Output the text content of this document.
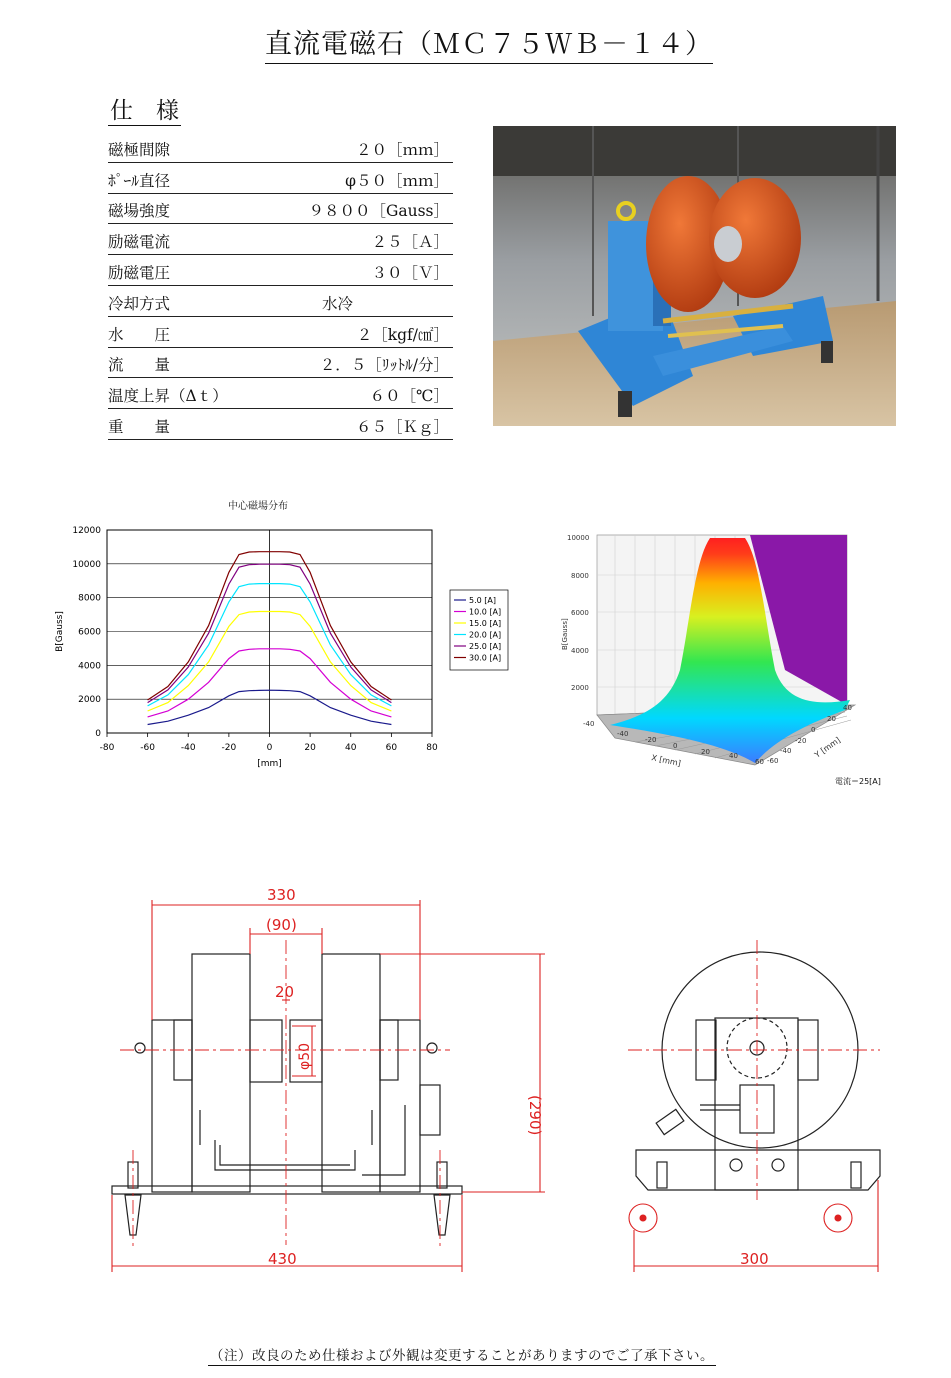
直流電磁石（ＭＣ７５ＷＢ－１４）
仕　様
磁極間隙	２０［ｍｍ］
ﾎﾟｰﾙ直径	φ５０［ｍｍ］
磁場強度	９８００［Gauss］
励磁電流	２５［Ａ］
励磁電圧	３０［Ｖ］
冷却方式	水冷
水　　圧	２［kgf/㎠］
流　　量	２．５［ﾘｯﾄﾙ/分］
温度上昇（Δｔ）	６０［℃］
重　　量	６５［Ｋｇ］
中心磁場分布
0
2000
4000
6000
8000
10000
12000
-80	-60	-40	-20	0	20	40	60	80
[mm]
B[Gauss]
5.0 [A]
10.0 [A]
15.0 [A]
20.0 [A]
25.0 [A]
30.0 [A]
10000
8000
6000
4000
2000
-40
B[Gauss]
-40
-20
0
20	40
60
X [mm]	-60
-40
-20
0
20
40
Y [mm]
電流＝25[A]
330
(90)
20
φ50
(290)
430	300
（注）改良のため仕様および外観は変更することがありますのでご了承下さい。
